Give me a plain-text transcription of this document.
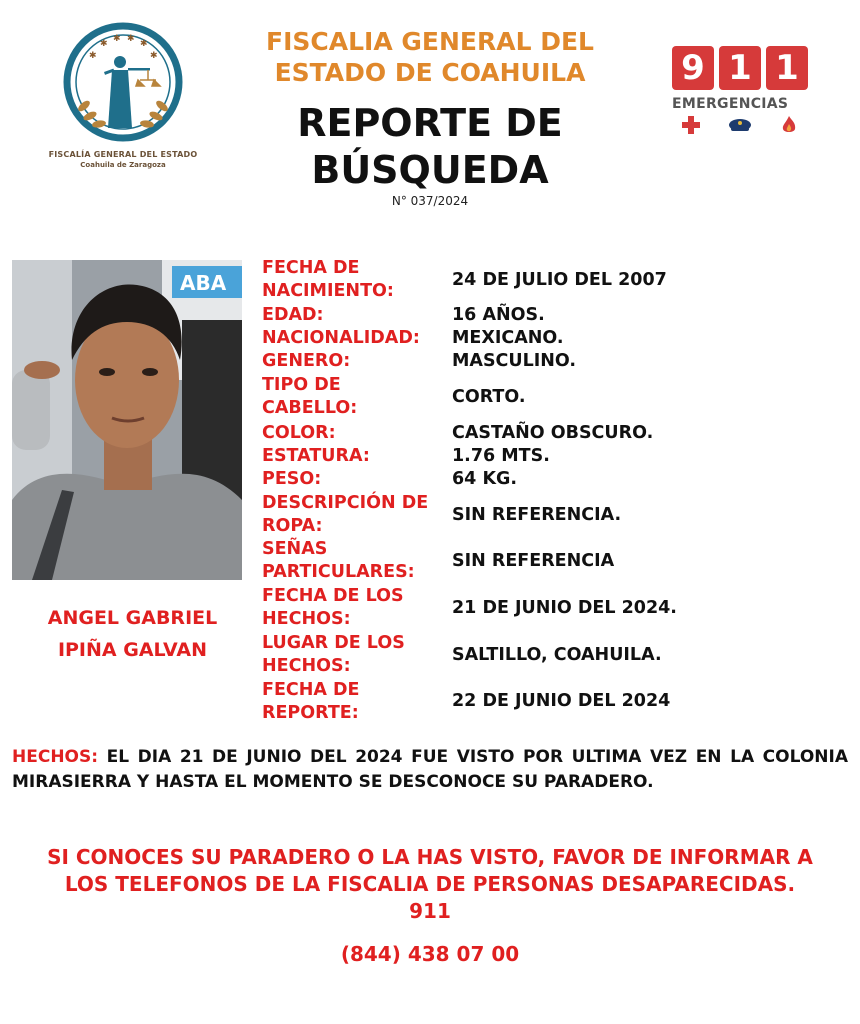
✱
✱ ✱ ✱ ✱
✱
FISCALÍA GENERAL DEL ESTADO
Coahuila de Zaragoza
FISCALIA GENERAL DEL
ESTADO DE COAHUILA
REPORTE DE
BÚSQUEDA
N° 037/2024
9 1 1
EMERGENCIAS
ABA
ANGEL GABRIEL
IPIÑA GALVAN
FECHA DE
NACIMIENTO:
24 DE JULIO DEL 2007
EDAD:	16 AÑOS.
NACIONALIDAD: MEXICANO.
GENERO:	MASCULINO.
TIPO DE
CABELLO:
CORTO.
COLOR:	CASTAÑO OBSCURO.
ESTATURA:	1.76 MTS.
PESO:	64 KG.
DESCRIPCIÓN DE
ROPA:
SIN REFERENCIA.
SEÑAS
PARTICULARES:
SIN REFERENCIA
FECHA DE LOS
HECHOS:
21 DE JUNIO DEL 2024.
LUGAR DE LOS
HECHOS:
SALTILLO, COAHUILA.
FECHA DE
REPORTE:
22 DE JUNIO DEL 2024
HECHOS: EL DIA 21 DE JUNIO DEL 2024 FUE VISTO POR ULTIMA VEZ EN LA COLONIA MIRASIERRA Y HASTA EL MOMENTO SE DESCONOCE SU PARADERO.
SI CONOCES SU PARADERO O LA HAS VISTO, FAVOR DE INFORMAR A
LOS TELEFONOS DE LA FISCALIA DE PERSONAS DESAPARECIDAS.
911
(844) 438 07 00
